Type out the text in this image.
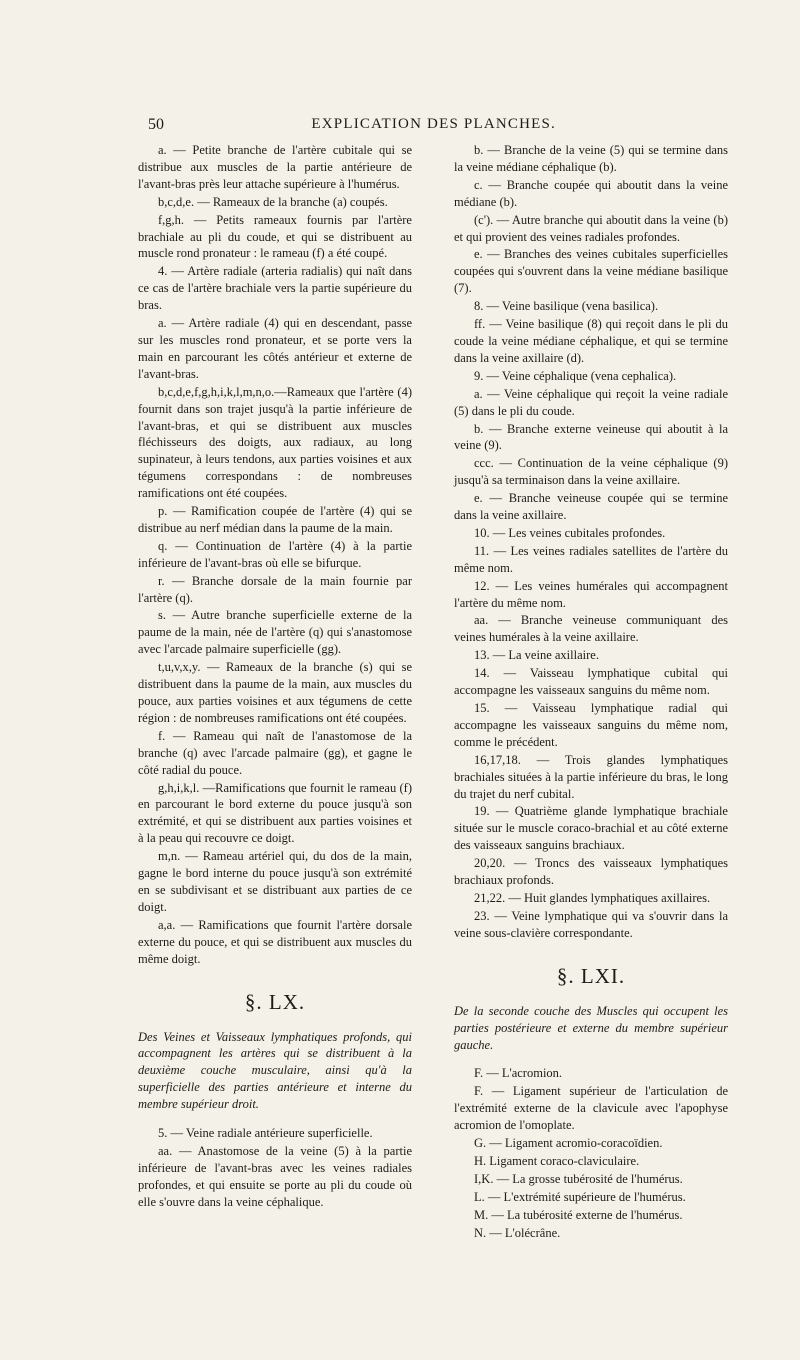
50	EXPLICATION DES PLANCHES.

a. — Petite branche de l'artère cubitale qui se distribue aux muscles de la partie antérieure de l'avant-bras près leur attache supérieure à l'humérus.

b,c,d,e. — Rameaux de la branche (a) coupés.

f,g,h. — Petits rameaux fournis par l'artère brachiale au pli du coude, et qui se distribuent au muscle rond pronateur : le rameau (f) a été coupé.

4. — Artère radiale (arteria radialis) qui naît dans ce cas de l'artère brachiale vers la partie supérieure du bras.

a. — Artère radiale (4) qui en descendant, passe sur les muscles rond pronateur, et se porte vers la main en parcourant les côtés antérieur et externe de l'avant-bras.

b,c,d,e,f,g,h,i,k,l,m,n,o.—Rameaux que l'artère (4) fournit dans son trajet jusqu'à la partie inférieure de l'avant-bras, et qui se distribuent aux muscles fléchisseurs des doigts, aux radiaux, au long supinateur, à leurs tendons, aux parties voisines et aux tégumens correspondans : de nombreuses ramifications ont été coupées.

p. — Ramification coupée de l'artère (4) qui se distribue au nerf médian dans la paume de la main.

q. — Continuation de l'artère (4) à la partie inférieure de l'avant-bras où elle se bifurque.

r. — Branche dorsale de la main fournie par l'artère (q).

s. — Autre branche superficielle externe de la paume de la main, née de l'artère (q) qui s'anastomose avec l'arcade palmaire superficielle (gg).

t,u,v,x,y. — Rameaux de la branche (s) qui se distribuent dans la paume de la main, aux muscles du pouce, aux parties voisines et aux tégumens de cette région : de nombreuses ramifications ont été coupées.

f. — Rameau qui naît de l'anastomose de la branche (q) avec l'arcade palmaire (gg), et gagne le côté radial du pouce.

g,h,i,k,l. —Ramifications que fournit le rameau (f) en parcourant le bord externe du pouce jusqu'à son extrémité, et qui se distribuent aux parties voisines et à la peau qui recouvre ce doigt.

m,n. — Rameau artériel qui, du dos de la main, gagne le bord interne du pouce jusqu'à son extrémité en se subdivisant et se distribuant aux parties de ce doigt.

a,a. — Ramifications que fournit l'artère dorsale externe du pouce, et qui se distribuent aux muscles du même doigt.

§. LX.

Des Veines et Vaisseaux lymphatiques profonds, qui accompagnent les artères qui se distribuent à la deuxième couche musculaire, ainsi qu'à la superficielle des parties antérieure et interne du membre supérieur droit.

5. — Veine radiale antérieure superficielle.

aa. — Anastomose de la veine (5) à la partie inférieure de l'avant-bras avec les veines radiales profondes, et qui ensuite se porte au pli du coude où elle s'ouvre dans la veine céphalique.

b. — Branche de la veine (5) qui se termine dans la veine médiane céphalique (b).

c. — Branche coupée qui aboutit dans la veine médiane (b).

(c'). — Autre branche qui aboutit dans la veine (b) et qui provient des veines radiales profondes.

e. — Branches des veines cubitales superficielles coupées qui s'ouvrent dans la veine médiane basilique (7).

8. — Veine basilique (vena basilica).

ff. — Veine basilique (8) qui reçoit dans le pli du coude la veine médiane céphalique, et qui se termine dans la veine axillaire (d).

9. — Veine céphalique (vena cephalica).

a. — Veine céphalique qui reçoit la veine radiale (5) dans le pli du coude.

b. — Branche externe veineuse qui aboutit à la veine (9).

ccc. — Continuation de la veine céphalique (9) jusqu'à sa terminaison dans la veine axillaire.

e. — Branche veineuse coupée qui se termine dans la veine axillaire.

10. — Les veines cubitales profondes.

11. — Les veines radiales satellites de l'artère du même nom.

12. — Les veines humérales qui accompagnent l'artère du même nom.

aa. — Branche veineuse communiquant des veines humérales à la veine axillaire.

13. — La veine axillaire.

14. — Vaisseau lymphatique cubital qui accompagne les vaisseaux sanguins du même nom.

15. — Vaisseau lymphatique radial qui accompagne les vaisseaux sanguins du même nom, comme le précédent.

16,17,18. — Trois glandes lymphatiques brachiales situées à la partie inférieure du bras, le long du trajet du nerf cubital.

19. — Quatrième glande lymphatique brachiale située sur le muscle coraco-brachial et au côté externe des vaisseaux sanguins brachiaux.

20,20. — Troncs des vaisseaux lymphatiques brachiaux profonds.

21,22. — Huit glandes lymphatiques axillaires.

23. — Veine lymphatique qui va s'ouvrir dans la veine sous-clavière correspondante.

§. LXI.

De la seconde couche des Muscles qui occupent les parties postérieure et externe du membre supérieur gauche.

F. — L'acromion.

F. — Ligament supérieur de l'articulation de l'extrémité externe de la clavicule avec l'apophyse acromion de l'omoplate.

G. — Ligament acromio-coracoïdien.

H. Ligament coraco-claviculaire.

I,K. — La grosse tubérosité de l'humérus.

L. — L'extrémité supérieure de l'humérus.

M. — La tubérosité externe de l'humérus.

N. — L'olécrâne.
